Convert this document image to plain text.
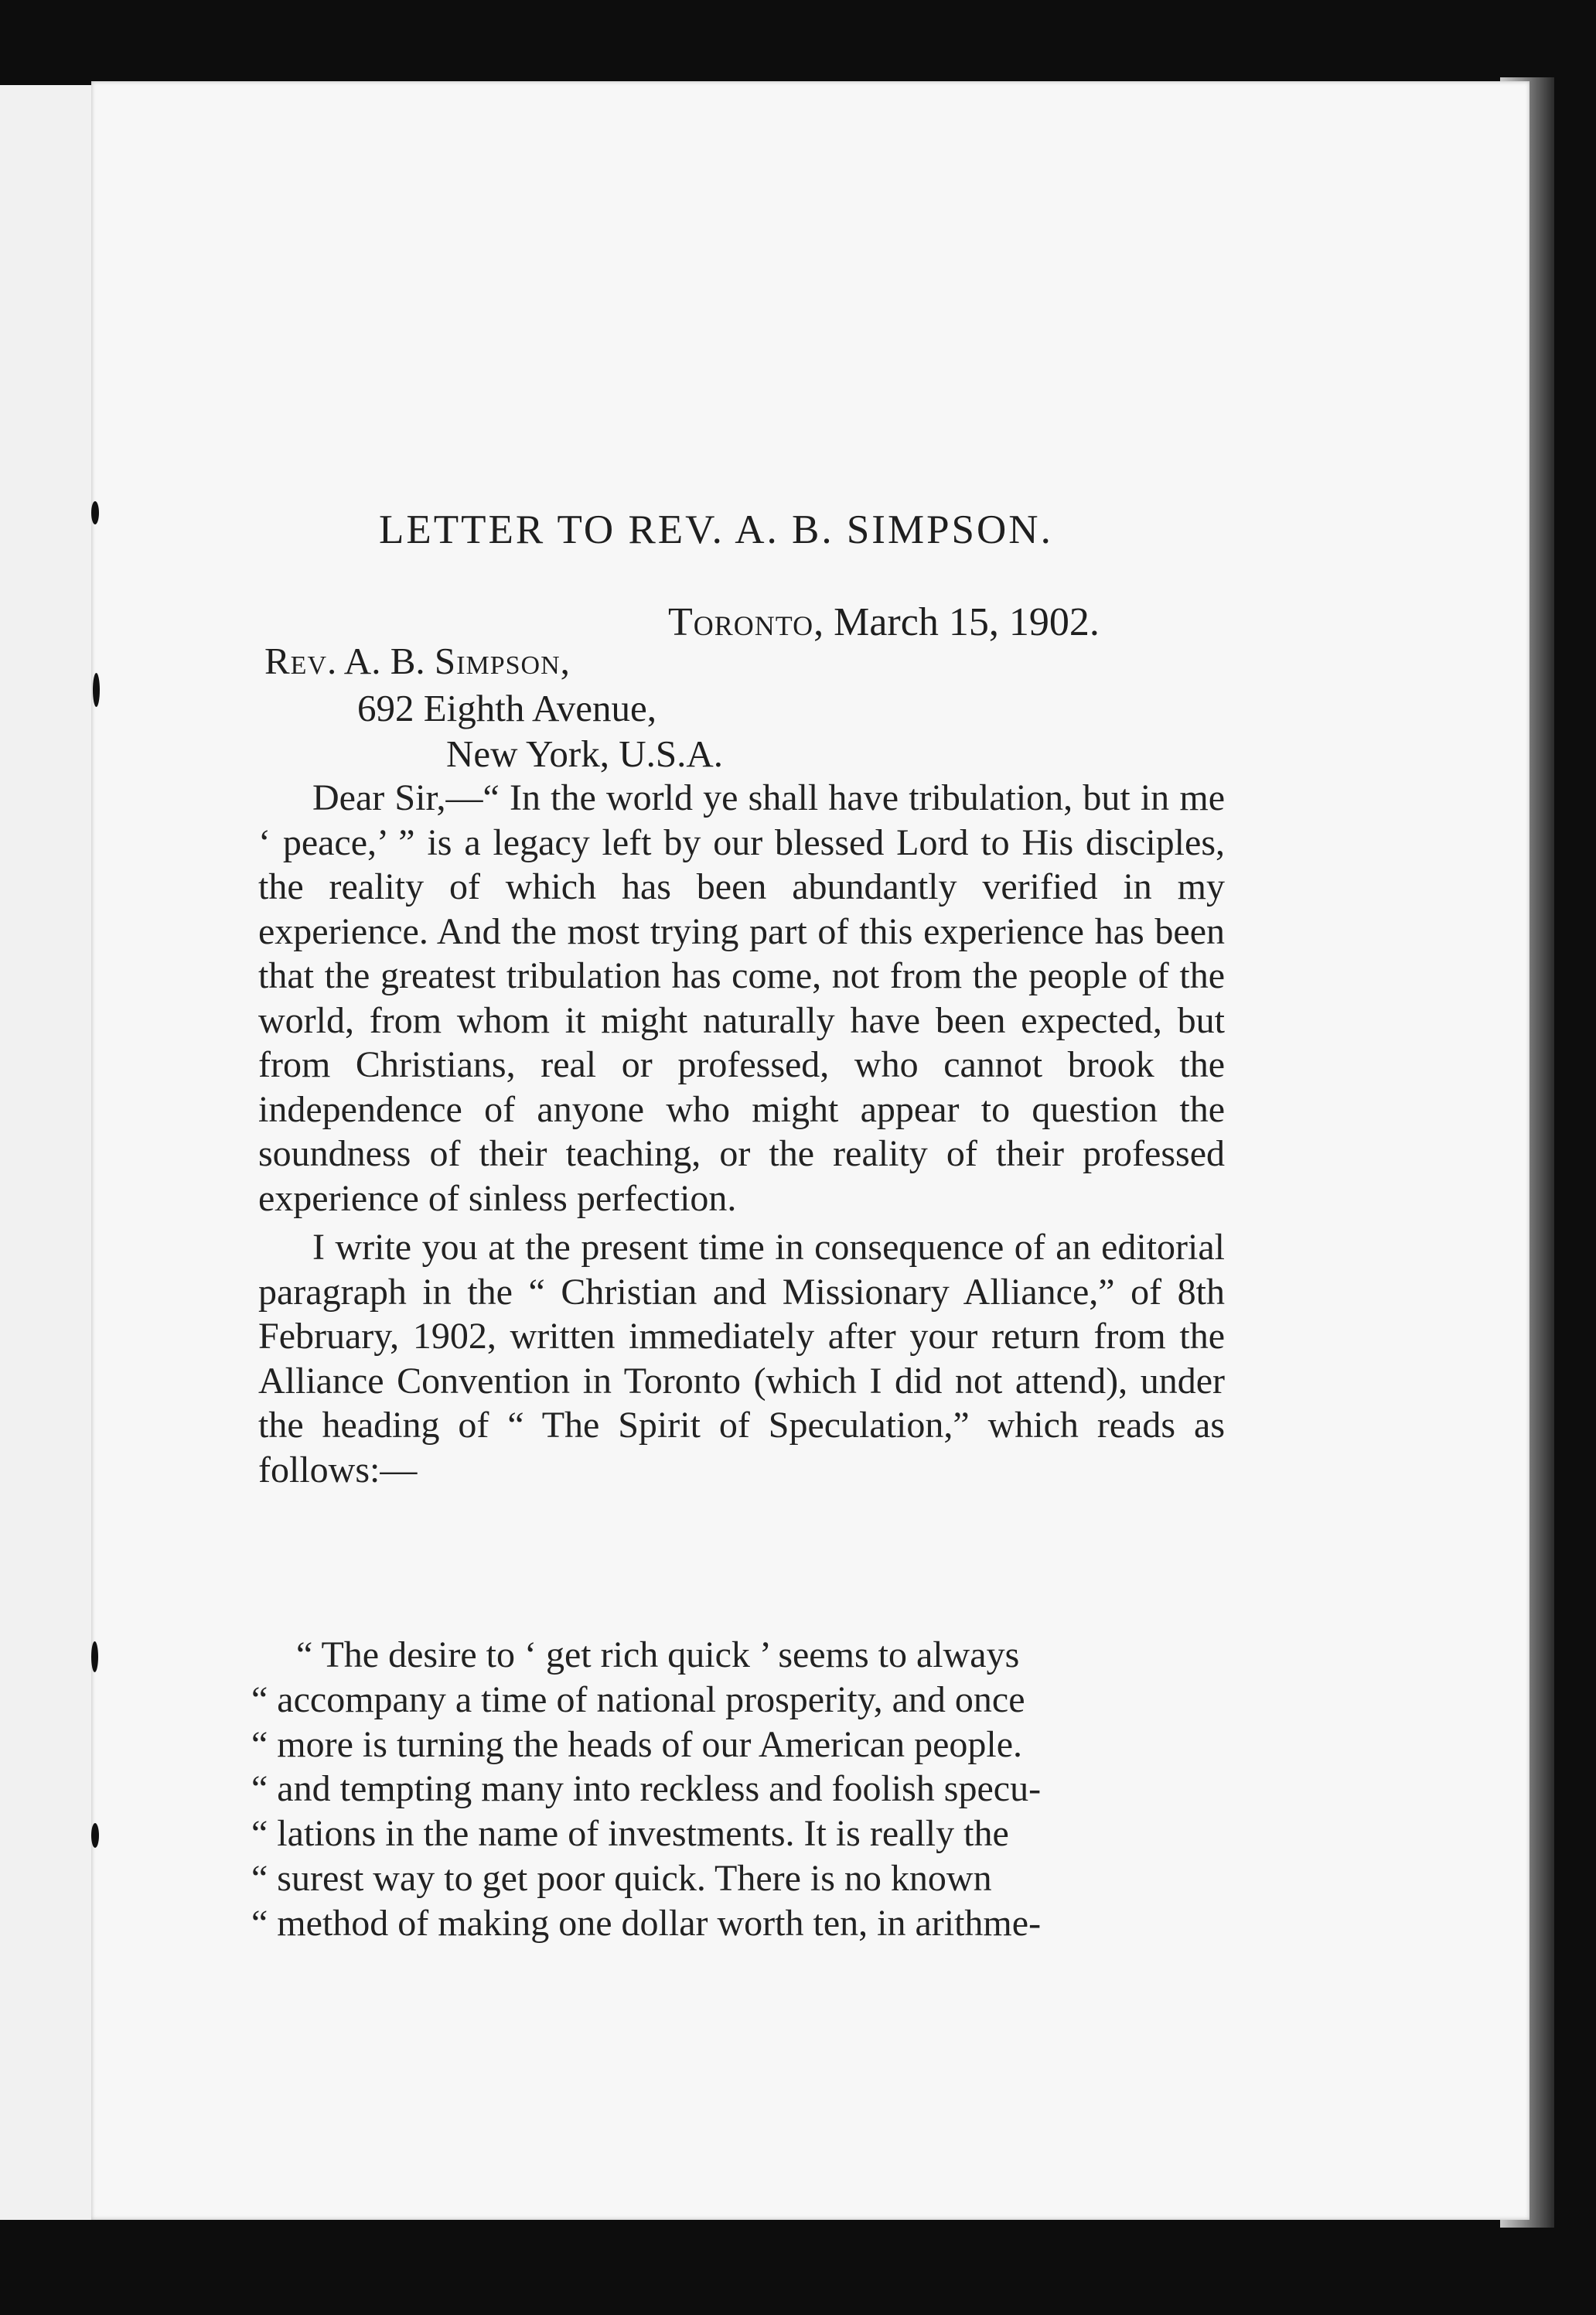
LETTER TO REV. A. B. SIMPSON.
Toronto, March 15, 1902.
Rev. A. B. Simpson,
692 Eighth Avenue,
New York, U.S.A.

Dear Sir,—“ In the world ye shall have tribulation, but in me ‘ peace,’ ” is a legacy left by our blessed Lord to His disciples, the reality of which has been abundantly verified in my experience. And the most trying part of this experience has been that the greatest tribulation has come, not from the people of the world, from whom it might naturally have been expected, but from Christians, real or professed, who cannot brook the independence of anyone who might appear to question the soundness of their teaching, or the reality of their professed experience of sinless perfection.

I write you at the present time in consequence of an editorial paragraph in the “ Christian and Missionary Alliance,” of 8th February, 1902, written immediately after your return from the Alliance Convention in Toronto (which I did not attend), under the heading of “ The Spirit of Speculation,” which reads as follows:—

“ The desire to ‘ get rich quick ’ seems to always
“ accompany a time of national prosperity, and once
“ more is turning the heads of our American people.
“ and tempting many into reckless and foolish specu-
“ lations in the name of investments. It is really the
“ surest way to get poor quick. There is no known
“ method of making one dollar worth ten, in arithme-
